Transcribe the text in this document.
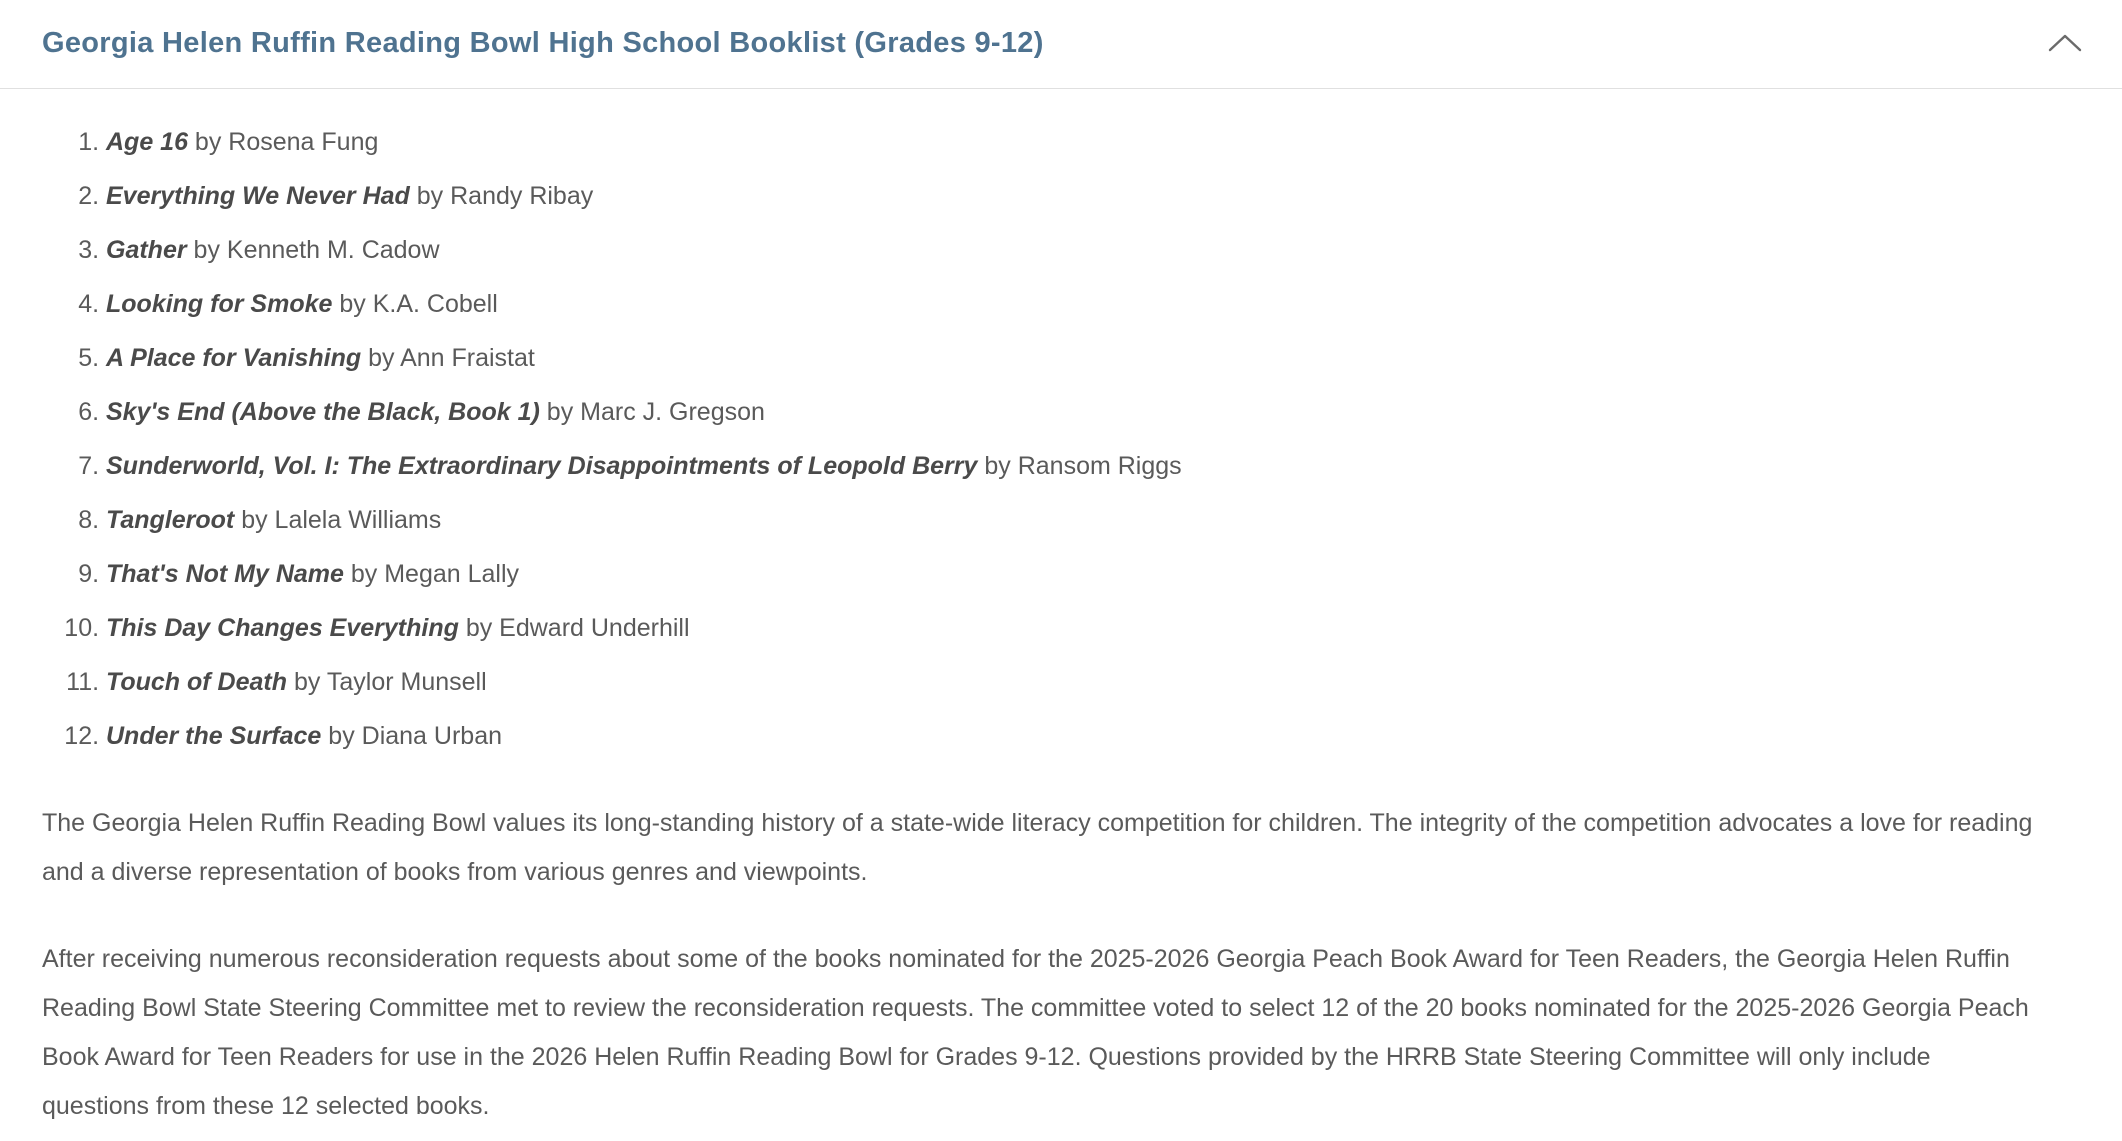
Georgia Helen Ruffin Reading Bowl High School Booklist (Grades 9-12)
1. Age 16 by Rosena Fung
2. Everything We Never Had by Randy Ribay
3. Gather by Kenneth M. Cadow
4. Looking for Smoke by K.A. Cobell
5. A Place for Vanishing by Ann Fraistat
6. Sky's End (Above the Black, Book 1) by Marc J. Gregson
7. Sunderworld, Vol. I: The Extraordinary Disappointments of Leopold Berry by Ransom Riggs
8. Tangleroot by Lalela Williams
9. That's Not My Name by Megan Lally
10. This Day Changes Everything by Edward Underhill
11. Touch of Death by Taylor Munsell
12. Under the Surface by Diana Urban

The Georgia Helen Ruffin Reading Bowl values its long-standing history of a state-wide literacy competition for children. The integrity of the competition advocates a love for reading and a diverse representation of books from various genres and viewpoints.

After receiving numerous reconsideration requests about some of the books nominated for the 2025-2026 Georgia Peach Book Award for Teen Readers, the Georgia Helen Ruffin Reading Bowl State Steering Committee met to review the reconsideration requests. The committee voted to select 12 of the 20 books nominated for the 2025-2026 Georgia Peach Book Award for Teen Readers for use in the 2026 Helen Ruffin Reading Bowl for Grades 9-12. Questions provided by the HRRB State Steering Committee will only include questions from these 12 selected books.
